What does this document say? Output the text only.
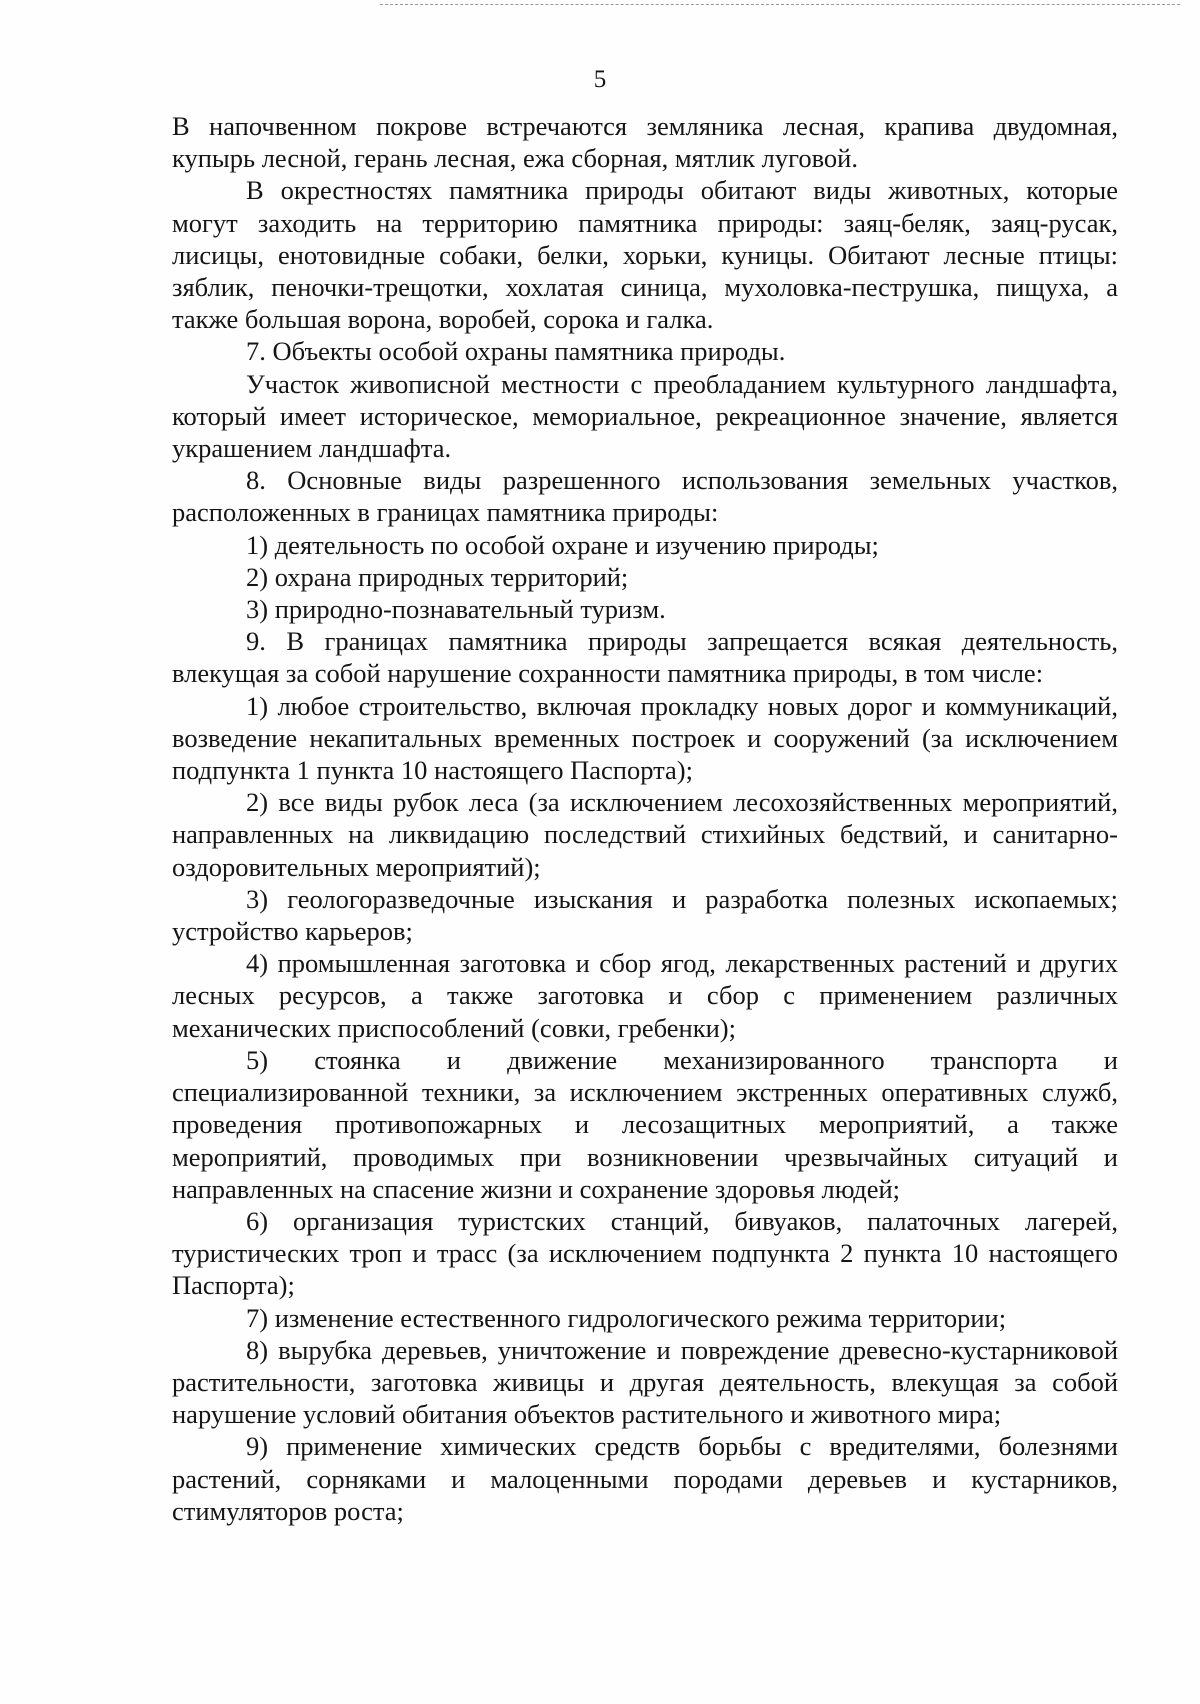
5

В напочвенном покрове встречаются земляника лесная, крапива двудомная, купырь лесной, герань лесная, ежа сборная, мятлик луговой.

В окрестностях памятника природы обитают виды животных, которые могут заходить на территорию памятника природы: заяц-беляк, заяц-русак, лисицы, енотовидные собаки, белки, хорьки, куницы. Обитают лесные птицы: зяблик, пеночки-трещотки, хохлатая синица, мухоловка-пеструшка, пищуха, а также большая ворона, воробей, сорока и галка.

7. Объекты особой охраны памятника природы.

Участок живописной местности с преобладанием культурного ландшафта, который имеет историческое, мемориальное, рекреационное значение, является украшением ландшафта.

8. Основные виды разрешенного использования земельных участков, расположенных в границах памятника природы:

1) деятельность по особой охране и изучению природы;

2) охрана природных территорий;

3) природно-познавательный туризм.

9. В границах памятника природы запрещается всякая деятельность, влекущая за собой нарушение сохранности памятника природы, в том числе:

1) любое строительство, включая прокладку новых дорог и коммуникаций, возведение некапитальных временных построек и сооружений (за исключением подпункта 1 пункта 10 настоящего Паспорта);

2) все виды рубок леса (за исключением лесохозяйственных мероприятий, направленных на ликвидацию последствий стихийных бедствий, и санитарно-оздоровительных мероприятий);

3) геологоразведочные изыскания и разработка полезных ископаемых; устройство карьеров;

4) промышленная заготовка и сбор ягод, лекарственных растений и других лесных ресурсов, а также заготовка и сбор с применением различных механических приспособлений (совки, гребенки);

5) стоянка и движение механизированного транспорта и специализированной техники, за исключением экстренных оперативных служб, проведения противопожарных и лесозащитных мероприятий, а также мероприятий, проводимых при возникновении чрезвычайных ситуаций и направленных на спасение жизни и сохранение здоровья людей;

6) организация туристских станций, бивуаков, палаточных лагерей, туристических троп и трасс (за исключением подпункта 2 пункта 10 настоящего Паспорта);

7) изменение естественного гидрологического режима территории;

8) вырубка деревьев, уничтожение и повреждение древесно-кустарниковой растительности, заготовка живицы и другая деятельность, влекущая за собой нарушение условий обитания объектов растительного и животного мира;

9) применение химических средств борьбы с вредителями, болезнями растений, сорняками и малоценными породами деревьев и кустарников, стимуляторов роста;
